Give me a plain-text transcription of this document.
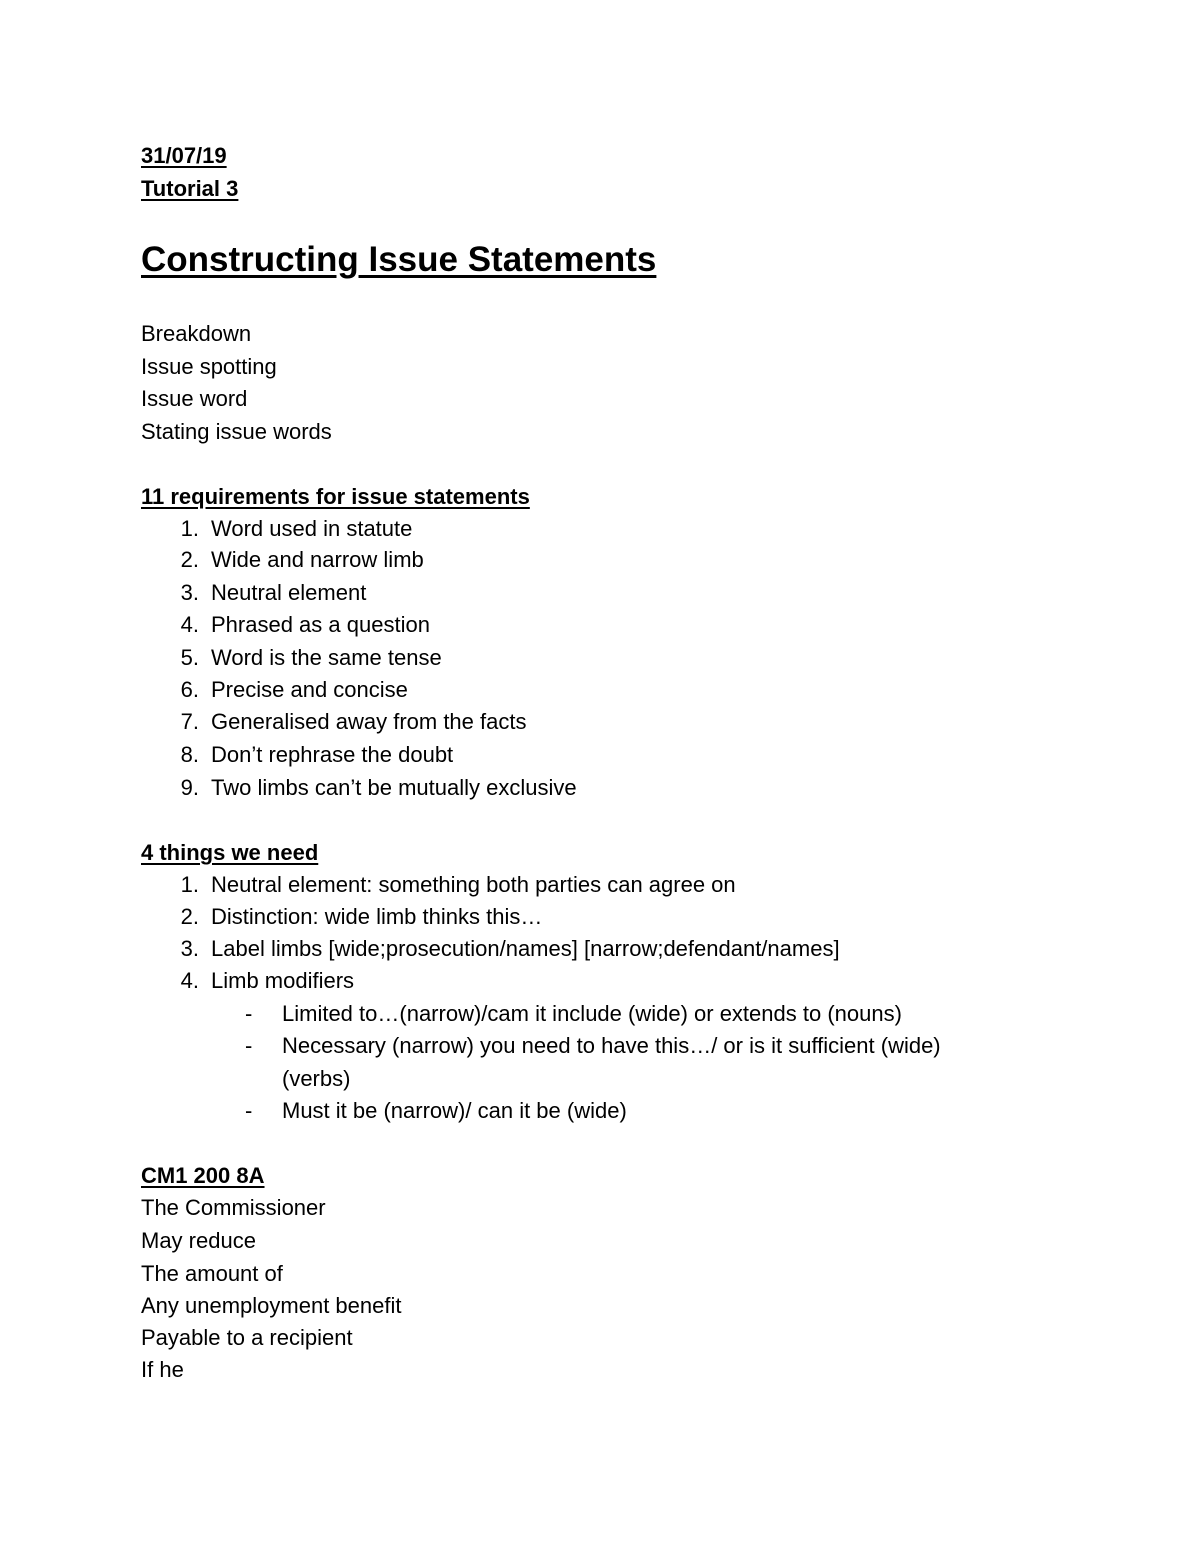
31/07/19
Tutorial 3
Constructing Issue Statements
Breakdown
Issue spotting
Issue word
Stating issue words
11 requirements for issue statements
1. Word used in statute
2. Wide and narrow limb
3. Neutral element
4. Phrased as a question
5. Word is the same tense
6. Precise and concise
7. Generalised away from the facts
8. Don’t rephrase the doubt
9. Two limbs can’t be mutually exclusive
4 things we need
1. Neutral element: something both parties can agree on
2. Distinction: wide limb thinks this…
3. Label limbs [wide;prosecution/names] [narrow;defendant/names]
4. Limb modifiers
- Limited to…(narrow)/cam it include (wide) or extends to (nouns)
- Necessary (narrow) you need to have this…/ or is it sufficient (wide)
(verbs)
- Must it be (narrow)/ can it be (wide)
CM1 200 8A
The Commissioner
May reduce
The amount of
Any unemployment benefit
Payable to a recipient
If he
